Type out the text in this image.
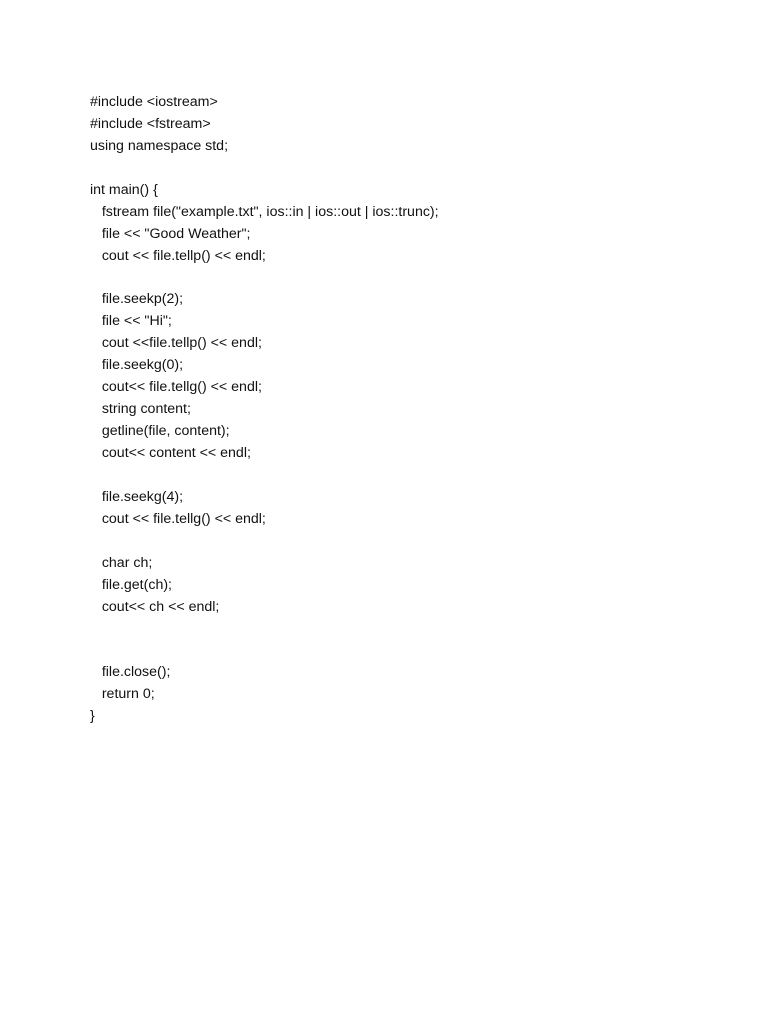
#include <iostream>
#include <fstream>
using namespace std;
int main() {
fstream file("example.txt", ios::in | ios::out | ios::trunc);
file << "Good Weather";
cout << file.tellp() << endl;
file.seekp(2);
file << "Hi";
cout <<file.tellp() << endl;
file.seekg(0);
cout<< file.tellg() << endl;
string content;
getline(file, content);
cout<< content << endl;
file.seekg(4);
cout << file.tellg() << endl;
char ch;
file.get(ch);
cout<< ch << endl;
file.close();
return 0;
}
